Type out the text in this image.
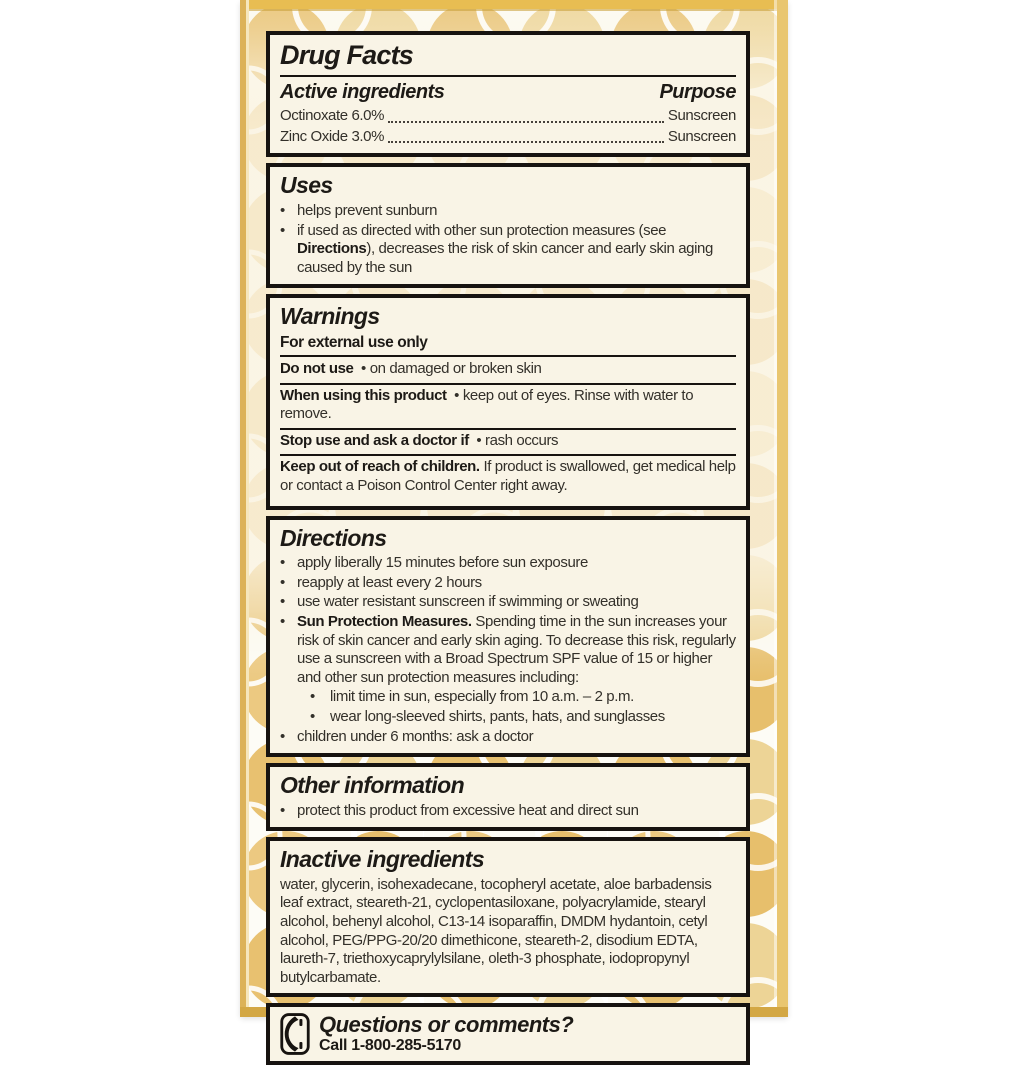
Drug Facts
Active ingredients	Purpose
Octinoxate 6.0%	Sunscreen
Zinc Oxide 3.0%	Sunscreen
Uses
• helps prevent sunburn
• if used as directed with other sun protection measures (see Directions), decreases the risk of skin cancer and early skin aging caused by the sun
Warnings
For external use only
Do not use • on damaged or broken skin
When using this product • keep out of eyes. Rinse with water to remove.
Stop use and ask a doctor if • rash occurs
Keep out of reach of children. If product is swallowed, get medical help or contact a Poison Control Center right away.
Directions
• apply liberally 15 minutes before sun exposure
• reapply at least every 2 hours
• use water resistant sunscreen if swimming or sweating
• Sun Protection Measures. Spending time in the sun increases your risk of skin cancer and early skin aging. To decrease this risk, regularly use a sunscreen with a Broad Spectrum SPF value of 15 or higher and other sun protection measures including:
•	limit time in sun, especially from 10 a.m. – 2 p.m.
•	wear long-sleeved shirts, pants, hats, and sunglasses
• children under 6 months: ask a doctor
Other information
• protect this product from excessive heat and direct sun
Inactive ingredients
water, glycerin, isohexadecane, tocopheryl acetate, aloe barbadensis leaf extract, steareth-21, cyclopentasiloxane, polyacrylamide, stearyl alcohol, behenyl alcohol, C13-14 isoparaffin, DMDM hydantoin, cetyl alcohol, PEG/PPG-20/20 dimethicone, steareth-2, disodium EDTA, laureth-7, triethoxycaprylylsilane, oleth-3 phosphate, iodopropynyl butylcarbamate.
Questions or comments?
Call 1-800-285-5170
